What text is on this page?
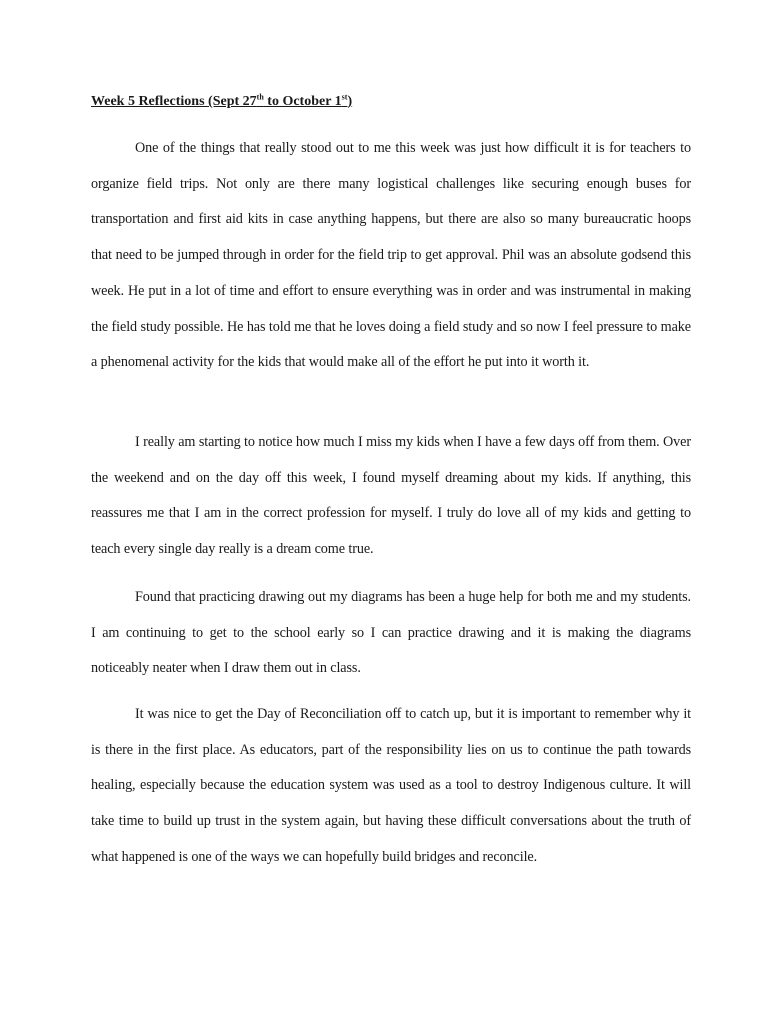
Week 5 Reflections (Sept 27th to October 1st)

One of the things that really stood out to me this week was just how difficult it is for teachers to organize field trips. Not only are there many logistical challenges like securing enough buses for transportation and first aid kits in case anything happens, but there are also so many bureaucratic hoops that need to be jumped through in order for the field trip to get approval. Phil was an absolute godsend this week. He put in a lot of time and effort to ensure everything was in order and was instrumental in making the field study possible. He has told me that he loves doing a field study and so now I feel pressure to make a phenomenal activity for the kids that would make all of the effort he put into it worth it.

I really am starting to notice how much I miss my kids when I have a few days off from them. Over the weekend and on the day off this week, I found myself dreaming about my kids. If anything, this reassures me that I am in the correct profession for myself. I truly do love all of my kids and getting to teach every single day really is a dream come true.

Found that practicing drawing out my diagrams has been a huge help for both me and my students. I am continuing to get to the school early so I can practice drawing and it is making the diagrams noticeably neater when I draw them out in class.

It was nice to get the Day of Reconciliation off to catch up, but it is important to remember why it is there in the first place. As educators, part of the responsibility lies on us to continue the path towards healing, especially because the education system was used as a tool to destroy Indigenous culture. It will take time to build up trust in the system again, but having these difficult conversations about the truth of what happened is one of the ways we can hopefully build bridges and reconcile.
